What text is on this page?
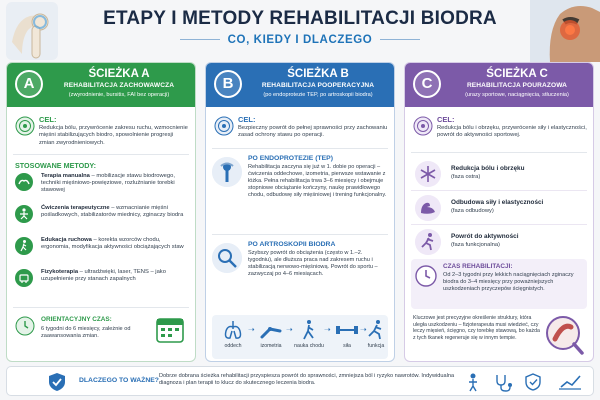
ETAPY I METODY REHABILITACJI BIODRA
CO, KIEDY I DLACZEGO
A
ŚCIEŻKA A
REHABILITACJA ZACHOWAWCZA
(zwyrodnienie, bursitis, FAI bez operacji)
CEL:
Redukcja bólu, przywrócenie zakresu ruchu, wzmocnienie mięśni stabilizujących biodro, spowolnienie progresji zmian zwyrodnieniowych.
STOSOWANE METODY:
Terapia manualna – mobilizacje stawu biodrowego, techniki mięśniowo-powięziowe, rozluźnianie torebki stawowej
Ćwiczenia terapeutyczne – wzmacnianie mięśni pośladkowych, stabilizatorów miednicy, zginaczy biodra
Edukacja ruchowa – korekta wzorców chodu, ergonomia, modyfikacja aktywności obciążających staw
Fizykoterapia – ultradźwięki, laser, TENS – jako uzupełnienie przy stanach zapalnych
ORIENTACYJNY CZAS:
6 tygodni do 6 miesięcy, zależnie od zaawansowania zmian.
B
ŚCIEŻKA B
REHABILITACJA POOPERACYJNA
(po endoprotezie TEP, po artroskopii biodra)
CEL:
Bezpieczny powrót do pełnej sprawności przy zachowaniu zasad ochrony stawu po operacji.
PO ENDOPROTEZIE (TEP)
Rehabilitacja zaczyna się już w 1. dobie po operacji – ćwiczenia oddechowe, izometria, pierwsze wstawanie z łóżka. Pełna rehabilitacja trwa 3–6 miesięcy i obejmuje stopniowe obciążanie kończyny, naukę prawidłowego chodu, odbudowę siły mięśniowej i trening funkcjonalny.
PO ARTROSKOPII BIODRA
Szybszy powrót do obciążenia (często w 1.–2. tygodniu), ale dłuższa praca nad zakresem ruchu i stabilizacją nerwowo-mięśniową. Powrót do sportu – zazwyczaj po 4–6 miesiącach.
oddech
➝
izometria
➝
nauka chodu
➝
siła
➝
funkcja
C
ŚCIEŻKA C
REHABILITACJA POURAZOWA
(urazy sportowe, naciągnięcia, stłuczenia)
CEL:
Redukcja bólu i obrzęku, przywrócenie siły i elastyczności, powrót do aktywności sportowej.
Redukcja bólu i obrzęku
(faza ostra)
Odbudowa siły i elastyczności
(faza odbudowy)
Powrót do aktywności
(faza funkcjonalna)
CZAS REHABILITACJI:
Od 2–3 tygodni przy lekkich naciągnięciach zginaczy biodra do 3–4 miesięcy przy poważniejszych uszkodzeniach przyczepów ścięgnistych.
Kluczowe jest precyzyjne określenie struktury, która uległa uszkodzeniu – fizjoterapeuta musi wiedzieć, czy leczy mięsień, ścięgno, czy torebkę stawową, bo każda z tych tkanek regeneruje się w innym tempie.
DLACZEGO TO WAŻNE?
Dobrze dobrana ścieżka rehabilitacji przyspiesza powrót do sprawności, zmniejsza ból i ryzyko nawrotów. Indywidualna diagnoza i plan terapii to klucz do skutecznego leczenia biodra.
